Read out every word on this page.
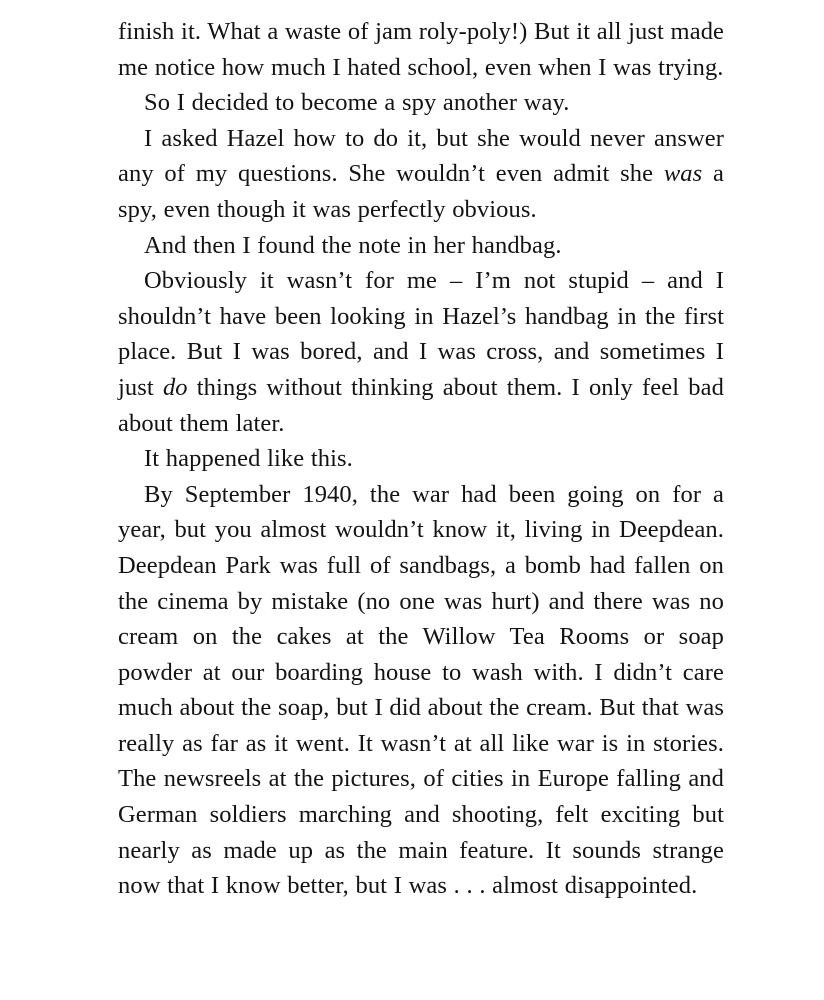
finish it. What a waste of jam roly-poly!) But it all just made me notice how much I hated school, even when I was trying.

So I decided to become a spy another way.

I asked Hazel how to do it, but she would never answer any of my questions. She wouldn’t even admit she was a spy, even though it was perfectly obvious.

And then I found the note in her handbag.

Obviously it wasn’t for me – I’m not stupid – and I shouldn’t have been looking in Hazel’s handbag in the first place. But I was bored, and I was cross, and sometimes I just do things without thinking about them. I only feel bad about them later.

It happened like this.

By September 1940, the war had been going on for a year, but you almost wouldn’t know it, living in Deepdean. Deepdean Park was full of sandbags, a bomb had fallen on the cinema by mistake (no one was hurt) and there was no cream on the cakes at the Willow Tea Rooms or soap powder at our boarding house to wash with. I didn’t care much about the soap, but I did about the cream. But that was really as far as it went. It wasn’t at all like war is in stories. The newsreels at the pictures, of cities in Europe falling and German soldiers marching and shooting, felt exciting but nearly as made up as the main feature. It sounds strange now that I know better, but I was . . . almost disappointed.
